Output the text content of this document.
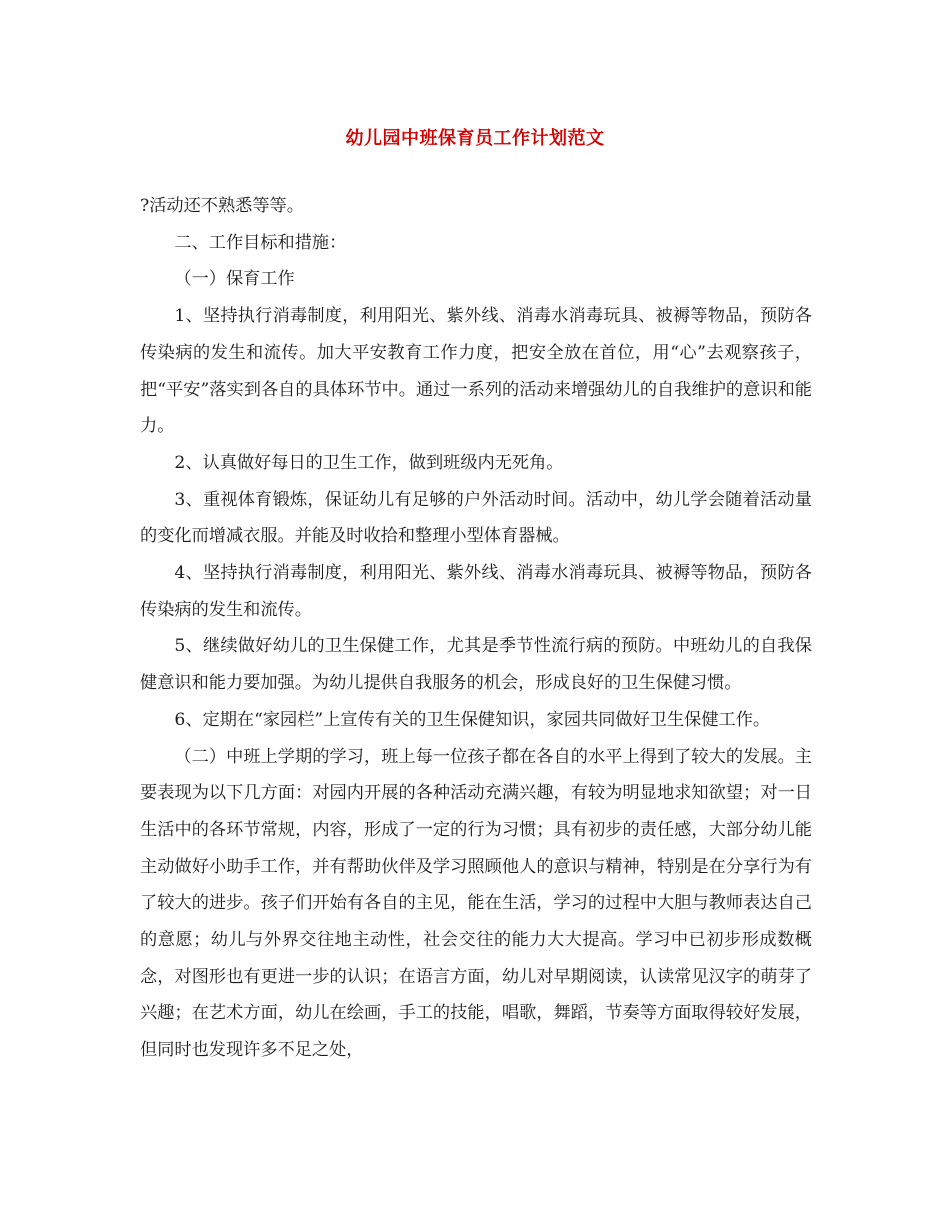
幼儿园中班保育员工作计划范文

?活动还不熟悉等等。

二、工作目标和措施：

（一）保育工作

1、坚持执行消毒制度，利用阳光、紫外线、消毒水消毒玩具、被褥等物品，预防各传染病的发生和流传。加大平安教育工作力度，把安全放在首位，用“心”去观察孩子，把“平安”落实到各自的具体环节中。通过一系列的活动来增强幼儿的自我维护的意识和能力。

2、认真做好每日的卫生工作，做到班级内无死角。

3、重视体育锻炼，保证幼儿有足够的户外活动时间。活动中，幼儿学会随着活动量的变化而增减衣服。并能及时收拾和整理小型体育器械。

4、坚持执行消毒制度，利用阳光、紫外线、消毒水消毒玩具、被褥等物品，预防各传染病的发生和流传。

5、继续做好幼儿的卫生保健工作，尤其是季节性流行病的预防。中班幼儿的自我保健意识和能力要加强。为幼儿提供自我服务的机会，形成良好的卫生保健习惯。

6、定期在“家园栏”上宣传有关的卫生保健知识，家园共同做好卫生保健工作。

（二）中班上学期的学习，班上每一位孩子都在各自的水平上得到了较大的发展。主要表现为以下几方面：对园内开展的各种活动充满兴趣，有较为明显地求知欲望；对一日生活中的各环节常规，内容，形成了一定的行为习惯；具有初步的责任感，大部分幼儿能主动做好小助手工作，并有帮助伙伴及学习照顾他人的意识与精神，特别是在分享行为有了较大的进步。孩子们开始有各自的主见，能在生活，学习的过程中大胆与教师表达自己的意愿；幼儿与外界交往地主动性，社会交往的能力大大提高。学习中已初步形成数概念，对图形也有更进一步的认识；在语言方面，幼儿对早期阅读，认读常见汉字的萌芽了兴趣；在艺术方面，幼儿在绘画，手工的技能，唱歌，舞蹈，节奏等方面取得较好发展，但同时也发现许多不足之处，
